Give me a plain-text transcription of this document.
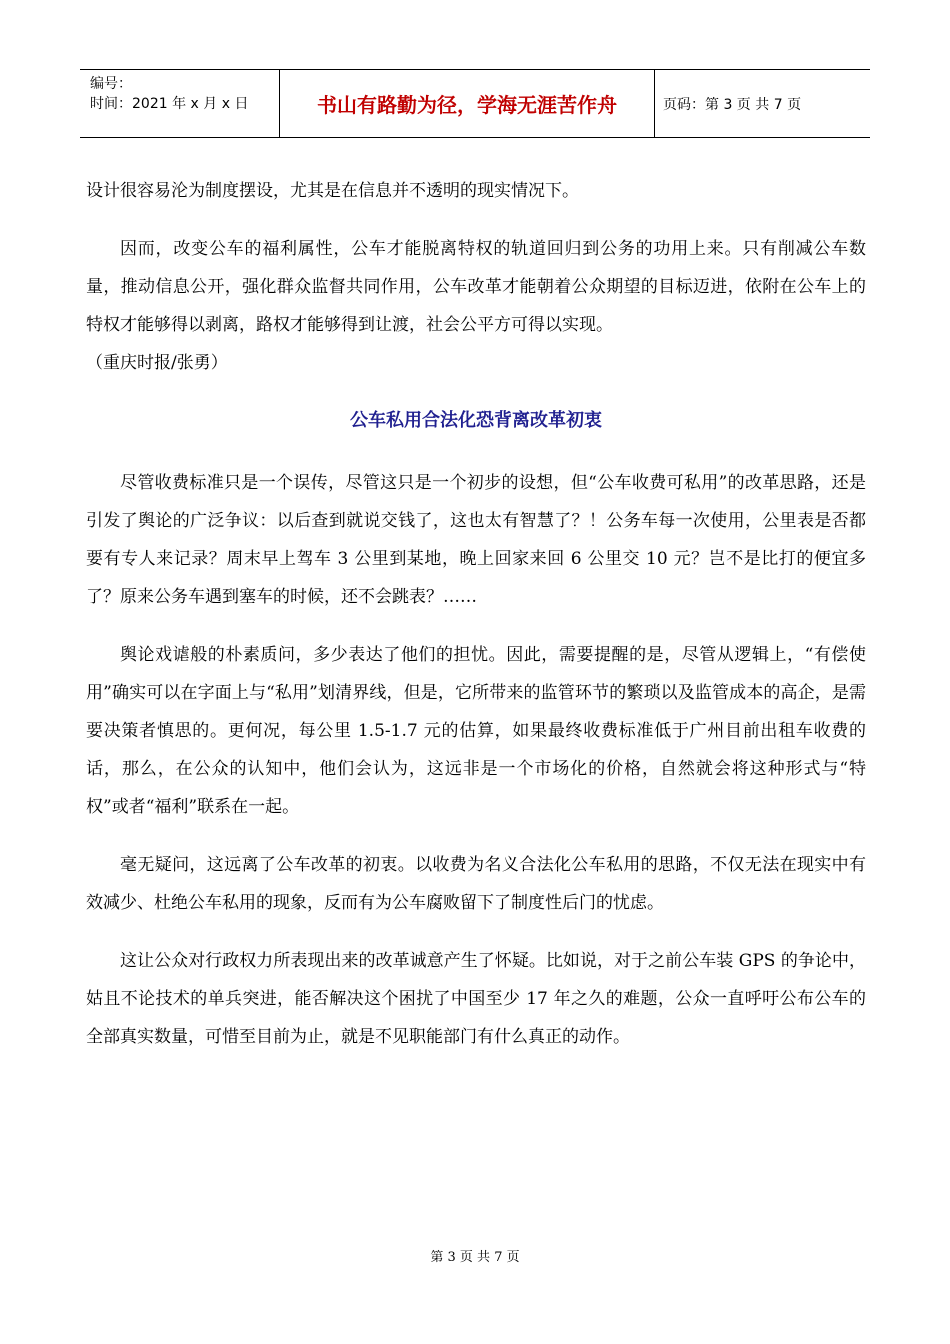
编号：
时间：2021 年 x 月 x 日	书山有路勤为径，学海无涯苦作舟	页码：第 3 页 共 7 页

设计很容易沦为制度摆设，尤其是在信息并不透明的现实情况下。

因而，改变公车的福利属性，公车才能脱离特权的轨道回归到公务的功用上来。只有削减公车数量，推动信息公开，强化群众监督共同作用，公车改革才能朝着公众期望的目标迈进，依附在公车上的特权才能够得以剥离，路权才能够得到让渡，社会公平方可得以实现。

（重庆时报/张勇）

公车私用合法化恐背离改革初衷

尽管收费标准只是一个误传，尽管这只是一个初步的设想，但“公车收费可私用”的改革思路，还是引发了舆论的广泛争议：以后查到就说交钱了，这也太有智慧了？！公务车每一次使用，公里表是否都要有专人来记录？周末早上驾车 3 公里到某地，晚上回家来回 6 公里交 10 元？岂不是比打的便宜多了？原来公务车遇到塞车的时候，还不会跳表？……

舆论戏谑般的朴素质问，多少表达了他们的担忧。因此，需要提醒的是，尽管从逻辑上，“有偿使用”确实可以在字面上与“私用”划清界线，但是，它所带来的监管环节的繁琐以及监管成本的高企，是需要决策者慎思的。更何况，每公里 1.5-1.7 元的估算，如果最终收费标准低于广州目前出租车收费的话，那么，在公众的认知中，他们会认为，这远非是一个市场化的价格，自然就会将这种形式与“特权”或者“福利”联系在一起。

毫无疑问，这远离了公车改革的初衷。以收费为名义合法化公车私用的思路，不仅无法在现实中有效减少、杜绝公车私用的现象，反而有为公车腐败留下了制度性后门的忧虑。

这让公众对行政权力所表现出来的改革诚意产生了怀疑。比如说，对于之前公车装 GPS 的争论中，姑且不论技术的单兵突进，能否解决这个困扰了中国至少 17 年之久的难题，公众一直呼吁公布公车的全部真实数量，可惜至目前为止，就是不见职能部门有什么真正的动作。

第 3 页 共 7 页
